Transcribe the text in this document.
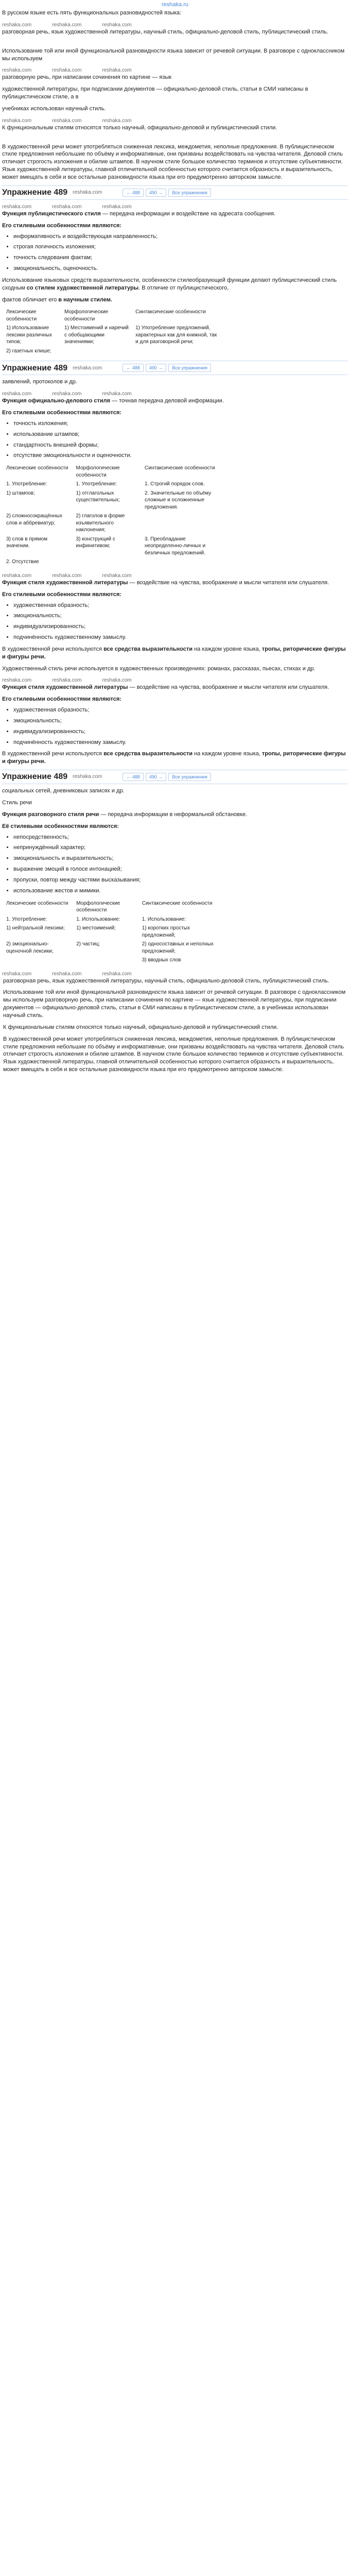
reshaka.ru

В русском языке есть пять функциональных разновидностей языка:

reshaka.com	reshaka.com	reshaka.com

разговорная речь, язык художественной литературы, научный стиль, официально-деловой стиль, публицистический стиль.

Использование той или иной функциональной разновидности языка зависит от речевой ситуации. В разговоре с одноклассником мы используем

reshaka.com	reshaka.com	reshaka.com

разговорную речь, при написании сочинения по картине — язык

художественной литературы, при подписании документов — официально-деловой стиль, статьи в СМИ написаны в публицистическом стиле, а в

учебниках использован научный стиль.

reshaka.com	reshaka.com	reshaka.com

К функциональным стилям относятся только научный, официально-деловой и публицистический стили.

В художественной речи может употребляться сниженная лексика, междометия, неполные предложения. В публицистическом стиле предложения небольшие по объёму и информативные, они призваны воздействовать на чувства читателя. Деловой стиль отличает строгость изложения и обилие штампов. В научном стиле большое количество терминов и отсутствие субъективности. Язык художественной литературы, главной отличительной особенностью которого считается образность и выразительность, может вмещать в себя и все остальные разновидности языка при его предумотренно авторском замысле.

Упражнение 489 reshaka.com	← 488	490 →	Все упражнения
reshaka.com	reshaka.com	reshaka.com

Функция публицистического стиля — передача информации и воздействие на адресата сообщения.

Его стилевыми особенностями являются:
• информативность и воздействующая направленность;
• строгая логичность изложения;
• точность следования фактам;
• эмоциональность, оценочность.

Использование языковых средств выразительности, особенности стилеобразующей функции делают публицистический стиль сходным со стилем художественной литературы. В отличие от публицистического,

фактов обличает его в научным стилем.

Лексические особенности	Морфологические особенности	Синтаксические особенности
1) Использование лексики различных типов;	1) Местоимений и наречий с обобщающими значениями;	1) Употребление предложений, характерных как для книжной, так и для разговорной речи;
2) газетных клише;		
Упражнение 489 reshaka.com	← 488	490 →	Все упражнения

заявлений, протоколов и др.

reshaka.com	reshaka.com	reshaka.com

Функция официально-делового стиля — точная передача деловой информации.

Его стилевыми особенностями являются:
• точность изложения;
• использование штампов;
• стандартность внешней формы;
• отсутствие эмоциональности и оценочности.
Лексические особенности	Морфологические особенности	Синтаксические особенности
1. Употребление:	1. Употребление:	1. Строгий порядок слов.
1) штампов;	1) отглагольных существительных;	2. Значительные по объёму сложные и осложненные предложения.
2) сложносокращённых слов и аббревиатур;	2) глаголов в форме изъявительного наклонения;	
3) слов в прямом значении.	3) конструкций с инфинитивом;	3. Преобладание неопределенно-личных и безличных предложений.
2. Отсутствие		
reshaka.com	reshaka.com	reshaka.com

Функция стиля художественной литературы — воздействие на чувства, воображение и мысли читателя или слушателя.

Его стилевыми особенностями являются:
• художественная образность;
• эмоциональность;
• индивидуализированность;
• подчинённость художественному замыслу.

В художественной речи используются все средства выразительности на каждом уровне языка, тропы, риторические фигуры и фигуры речи.

Художественный стиль речи используется в художественных произведениях: романах, рассказах, пьесах, стихах и др.

reshaka.com	reshaka.com	reshaka.com

Функция стиля художественной литературы — воздействие на чувства, воображение и мысли читателя или слушателя.

Его стилевыми особенностями являются:
• художественная образность;
• эмоциональность;
• индивидуализированность;
• подчинённость художественному замыслу.

В художественной речи используются все средства выразительности на каждом уровне языка, тропы, риторические фигуры и фигуры речи.

Упражнение 489 reshaka.com	← 488	490 →	Все упражнения

социальных сетей, дневниковых записях и др.

Стиль речи

Функция разговорного стиля речи — передача информации в неформальной обстановке.

Её стилевыми особенностями являются:
• непосредственность;
• непринуждённый характер;
• эмоциональность и выразительность;
• выражение эмоций в голосе интонацией;
• пропуски, повтор между частями высказывания;
• использование жестов и мимики.
Лексические особенности	Морфологические особенности	Синтаксические особенности
1. Употребление:	1. Использование:	1. Использование:
1) нейтральной лексики;	1) местоимений;	1) коротких простых предложений;
2) эмоционально-оценочной лексики;	2) частиц;	2) односоставных и неполных предложений;
		3) вводных слов
reshaka.com	reshaka.com	reshaka.com

разговорная речь, язык художественной литературы, научный стиль, официально-деловой стиль, публицистический стиль.

Использование той или иной функциональной разновидности языка зависит от речевой ситуации. В разговоре с одноклассником мы используем разговорную речь, при написании сочинения по картине — язык художественной литературы, при подписании документов — официально-деловой стиль, статьи в СМИ написаны в публицистическом стиле, а в учебниках использован научный стиль.

К функциональным стилям относятся только научный, официально-деловой и публицистический стили.

В художественной речи может употребляться сниженная лексика, междометия, неполные предложения. В публицистическом стиле предложения небольшие по объёму и информативные, они призваны воздействовать на чувства читателя. Деловой стиль отличает строгость изложения и обилие штампов. В научном стиле большое количество терминов и отсутствие субъективности. Язык художественной литературы, главной отличительной особенностью которого считается образность и выразительность, может вмещать в себя и все остальные разновидности языка при его предумотренно авторском замысле.
